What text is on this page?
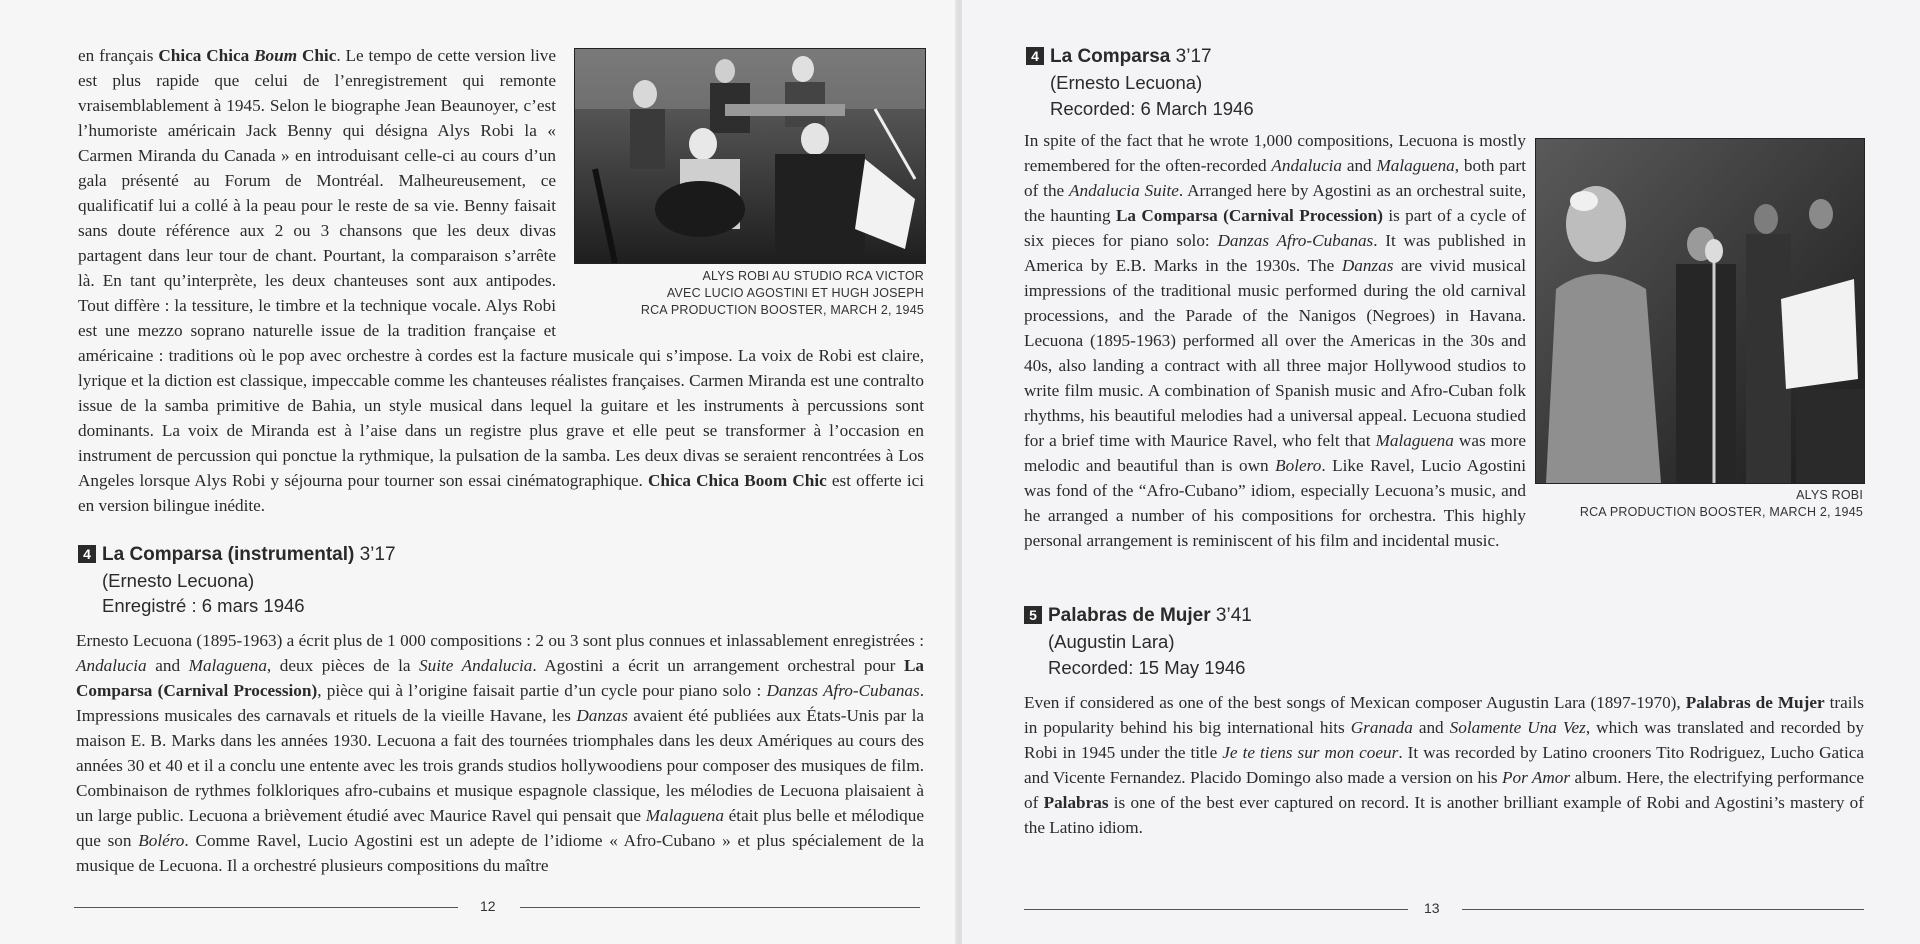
ALYS ROBI AU STUDIO RCA VICTOR
AVEC LUCIO AGOSTINI ET HUGH JOSEPH
RCA PRODUCTION BOOSTER, MARCH 2, 1945

en français Chica Chica Boum Chic. Le tempo de cette version live est plus rapide que celui de l’enregistrement qui remonte vraisemblablement à 1945. Selon le biographe Jean Beaunoyer, c’est l’humoriste américain Jack Benny qui désigna Alys Robi la « Carmen Miranda du Canada » en introduisant celle-ci au cours d’un gala présenté au Forum de Montréal. Malheureusement, ce qualificatif lui a collé à la peau pour le reste de sa vie. Benny faisait sans doute référence aux 2 ou 3 chansons que les deux divas partagent dans leur tour de chant. Pourtant, la comparaison s’arrête là. En tant qu’interprète, les deux chanteuses sont aux antipodes. Tout diffère : la tessiture, le timbre et la technique vocale. Alys Robi est une mezzo soprano naturelle issue de la tradition française et américaine : traditions où le pop avec orchestre à cordes est la facture musicale qui s’impose. La voix de Robi est claire, lyrique et la diction est classique, impeccable comme les chanteuses réalistes françaises. Carmen Miranda est une contralto issue de la samba primitive de Bahia, un style musical dans lequel la guitare et les instruments à percussions sont dominants. La voix de Miranda est à l’aise dans un registre plus grave et elle peut se transformer à l’occasion en instrument de percussion qui ponctue la rythmique, la pulsation de la samba. Les deux divas se seraient rencontrées à Los Angeles lorsque Alys Robi y séjourna pour tourner son essai cinématographique. Chica Chica Boom Chic est offerte ici en version bilingue inédite.

4 La Comparsa (instrumental) 3’17
(Ernesto Lecuona)
Enregistré : 6 mars 1946

Ernesto Lecuona (1895-1963) a écrit plus de 1 000 compositions : 2 ou 3 sont plus connues et inlassablement enregistrées : Andalucia and Malaguena, deux pièces de la Suite Andalucia. Agostini a écrit un arrangement orchestral pour La Comparsa (Carnival Procession), pièce qui à l’origine faisait partie d’un cycle pour piano solo : Danzas Afro-Cubanas. Impressions musicales des carnavals et rituels de la vieille Havane, les Danzas avaient été publiées aux États-Unis par la maison E. B. Marks dans les années 1930. Lecuona a fait des tournées triomphales dans les deux Amériques au cours des années 30 et 40 et il a conclu une entente avec les trois grands studios hollywoodiens pour composer des musiques de film. Combinaison de rythmes folkloriques afro-cubains et musique espagnole classique, les mélodies de Lecuona plaisaient à un large public. Lecuona a brièvement étudié avec Maurice Ravel qui pensait que Malaguena était plus belle et mélodique que son Boléro. Comme Ravel, Lucio Agostini est un adepte de l’idiome « Afro-Cubano » et plus spécialement de la musique de Lecuona. Il a orchestré plusieurs compositions du maître

12
4 La Comparsa 3’17
(Ernesto Lecuona)
Recorded: 6 March 1946
ALYS ROBI
RCA PRODUCTION BOOSTER, MARCH 2, 1945

In spite of the fact that he wrote 1,000 compositions, Lecuona is mostly remembered for the often-recorded Andalucia and Malaguena, both part of the Andalucia Suite. Arranged here by Agostini as an orchestral suite, the haunting La Comparsa (Carnival Procession) is part of a cycle of six pieces for piano solo: Danzas Afro-Cubanas. It was published in America by E.B. Marks in the 1930s. The Danzas are vivid musical impressions of the traditional music performed during the old carnival processions, and the Parade of the Nanigos (Negroes) in Havana. Lecuona (1895-1963) performed all over the Americas in the 30s and 40s, also landing a contract with all three major Hollywood studios to write film music. A combination of Spanish music and Afro-Cuban folk rhythms, his beautiful melodies had a universal appeal. Lecuona studied for a brief time with Maurice Ravel, who felt that Malaguena was more melodic and beautiful than is own Bolero. Like Ravel, Lucio Agostini was fond of the “Afro-Cubano” idiom, especially Lecuona’s music, and he arranged a number of his compositions for orchestra. This highly personal arrangement is reminiscent of his film and incidental music.

5 Palabras de Mujer 3’41
(Augustin Lara)
Recorded: 15 May 1946

Even if considered as one of the best songs of Mexican composer Augustin Lara (1897-1970), Palabras de Mujer trails in popularity behind his big international hits Granada and Solamente Una Vez, which was translated and recorded by Robi in 1945 under the title Je te tiens sur mon coeur. It was recorded by Latino crooners Tito Rodriguez, Lucho Gatica and Vicente Fernandez. Placido Domingo also made a version on his Por Amor album. Here, the electrifying performance of Palabras is one of the best ever captured on record. It is another brilliant example of Robi and Agostini’s mastery of the Latino idiom.

13
